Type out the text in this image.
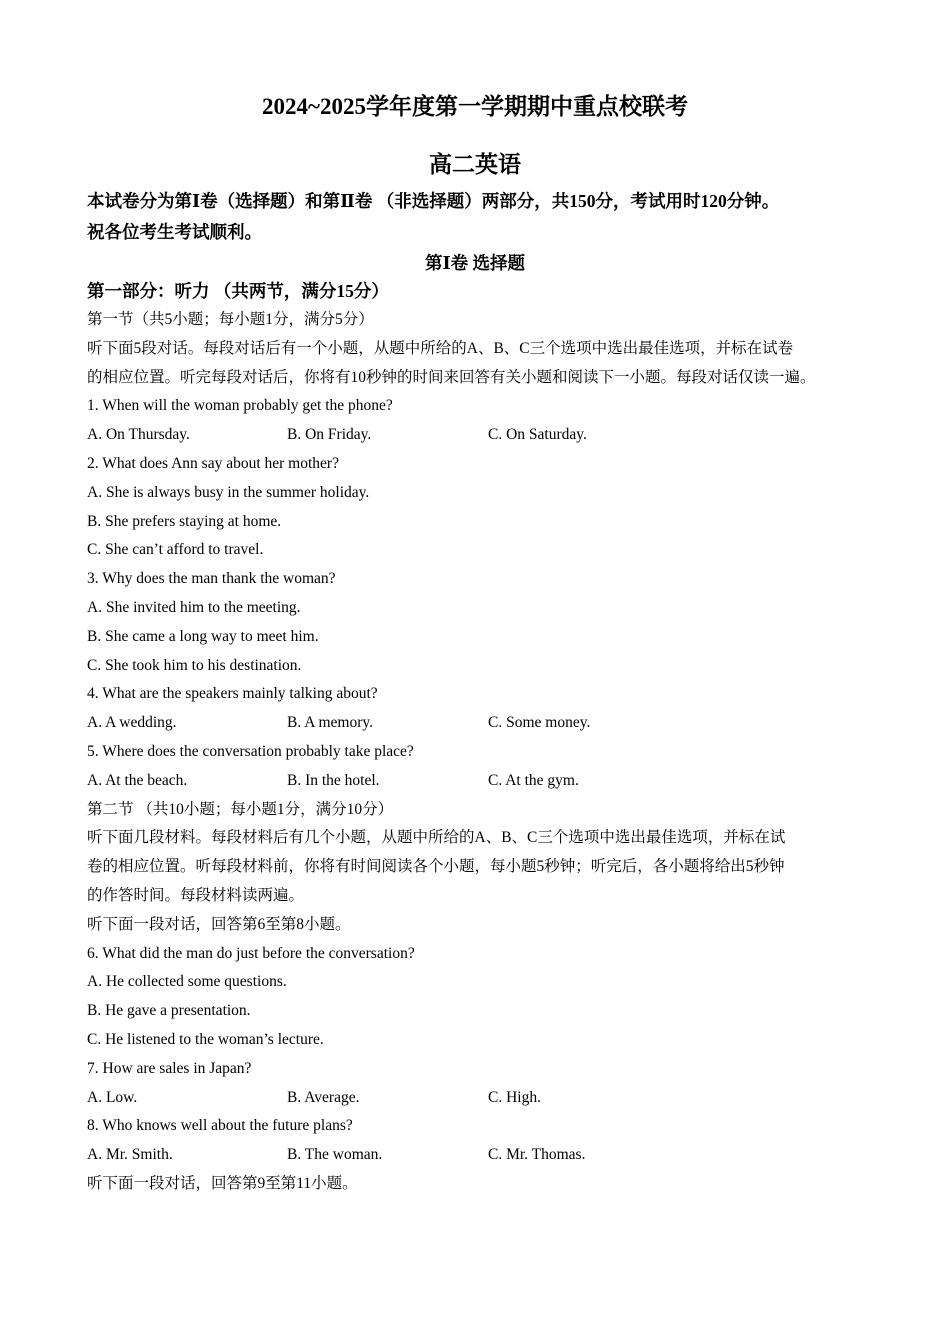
2024~2025学年度第一学期期中重点校联考
高二英语
本试卷分为第Ⅰ卷（选择题）和第Ⅱ卷 （非选择题）两部分，共150分，考试用时120分钟。
祝各位考生考试顺利。
第Ⅰ卷 选择题
第一部分：听力 （共两节，满分15分）
第一节（共5小题；每小题1分，满分5分）
听下面5段对话。每段对话后有一个小题，从题中所给的A、B、C三个选项中选出最佳选项，并标在试卷
的相应位置。听完每段对话后，你将有10秒钟的时间来回答有关小题和阅读下一小题。每段对话仅读一遍。
1. When will the woman probably get the phone?
A. On Thursday.	B. On Friday.	C. On Saturday.
2. What does Ann say about her mother?
A. She is always busy in the summer holiday.
B. She prefers staying at home.
C. She can’t afford to travel.
3. Why does the man thank the woman?
A. She invited him to the meeting.
B. She came a long way to meet him.
C. She took him to his destination.
4. What are the speakers mainly talking about?
A. A wedding.	B. A memory.	C. Some money.
5. Where does the conversation probably take place?
A. At the beach.	B. In the hotel.	C. At the gym.
第二节 （共10小题；每小题1分，满分10分）
听下面几段材料。每段材料后有几个小题，从题中所给的A、B、C三个选项中选出最佳选项，并标在试
卷的相应位置。听每段材料前，你将有时间阅读各个小题，每小题5秒钟；听完后，各小题将给出5秒钟
的作答时间。每段材料读两遍。
听下面一段对话，回答第6至第8小题。
6. What did the man do just before the conversation?
A. He collected some questions.
B. He gave a presentation.
C. He listened to the woman’s lecture.
7. How are sales in Japan?
A. Low.	B. Average.	C. High.
8. Who knows well about the future plans?
A. Mr. Smith.	B. The woman.	C. Mr. Thomas.
听下面一段对话，回答第9至第11小题。
